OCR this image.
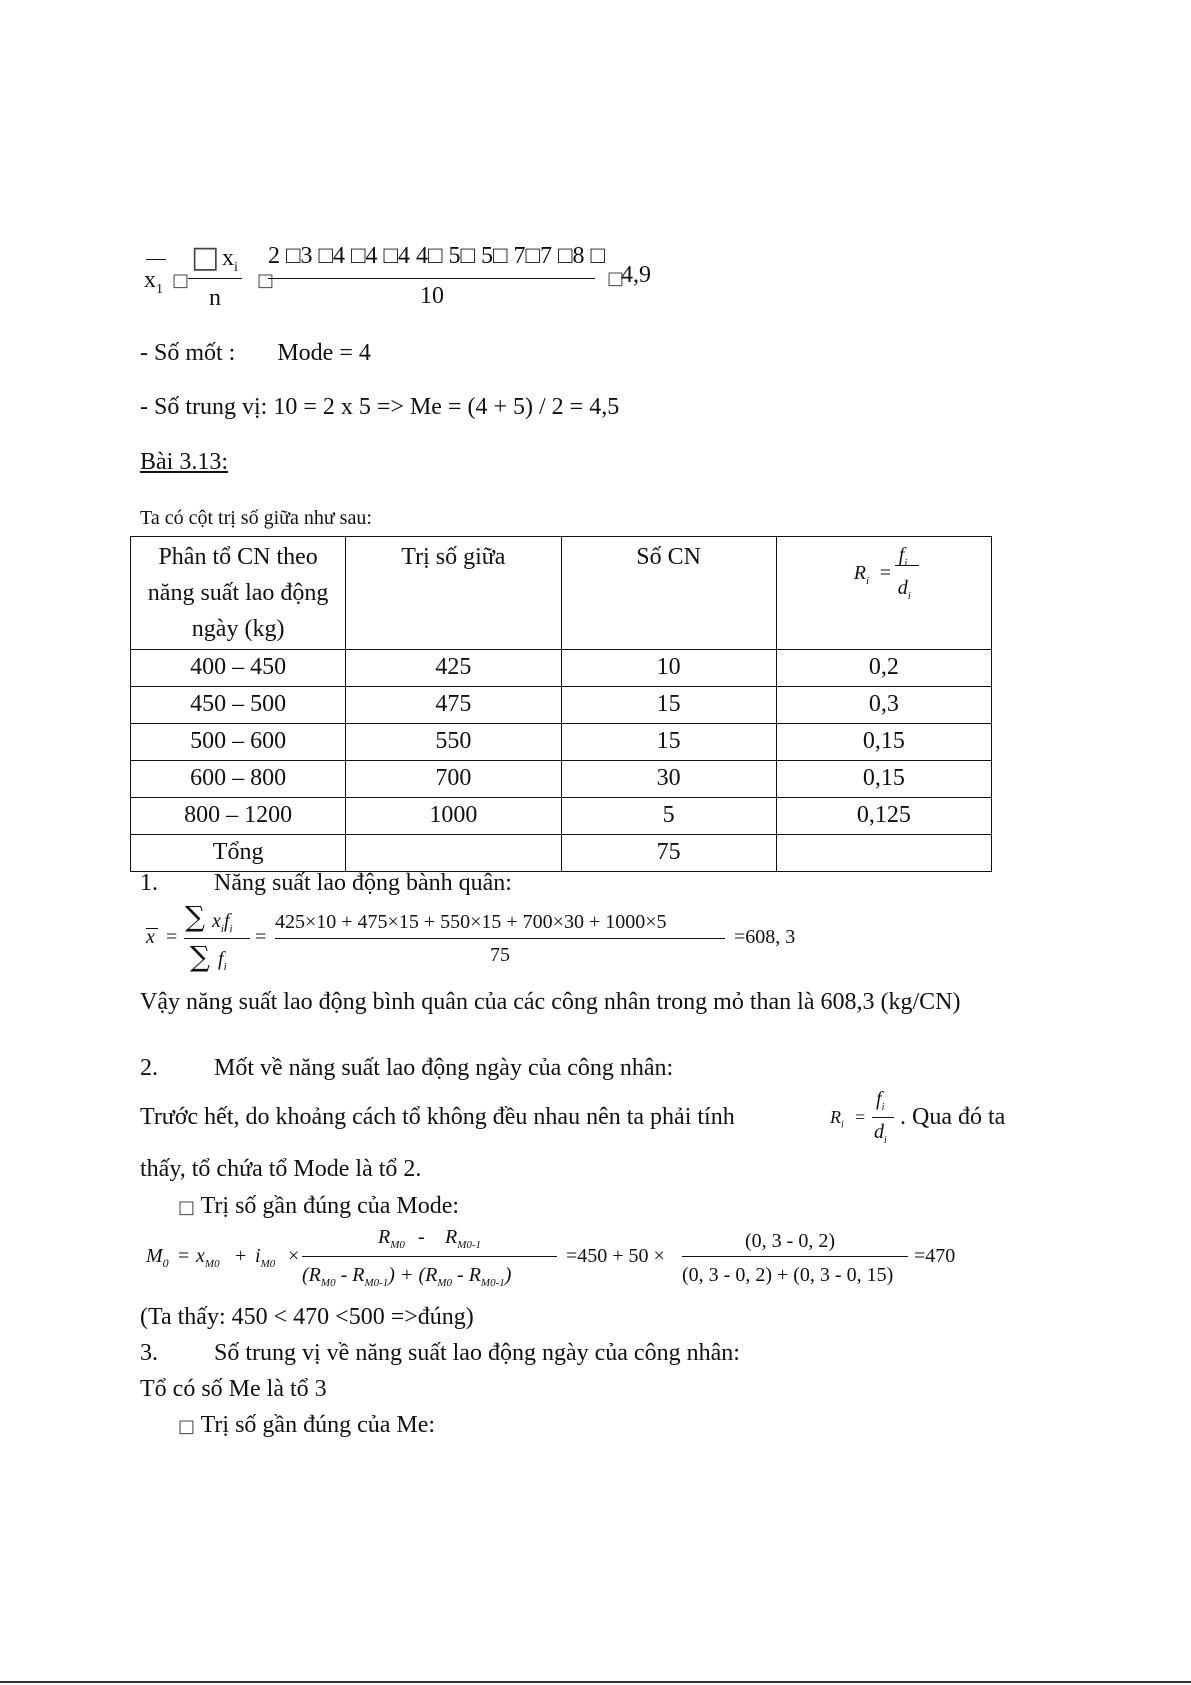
$x_1$ □
□ $x_i$
n
□
2 □3 □4 □4 □4 4□ 5□ 5□ 7□7 □8 □
10
□
4,9
- Số mốt : Mode = 4
- Số trung vị: 10 = 2 x 5 => Me = (4 + 5) / 2 = 4,5
Bài 3.13:
Ta có cột trị số giữa như sau:
Phân tổ CN theo năng suất lao động ngày (kg)	Trị số giữa	Số CN	$R_i$ =
$f_i$
$d_i$

400 – 450	425	10	0,2
450 – 500	475	15	0,3
500 – 600	550	15	0,15
600 – 800	700	30	0,15
800 – 1200	1000	5	0,125
Tổng		75	
1. Năng suất lao động bành quân:
x =
∑ $x_if_i$
∑ $f_i$
=
425×10 + 475×15 + 550×15 + 700×30 + 1000×5
75
=608, 3
Vậy năng suất lao động bình quân của các công nhân trong mỏ than là 608,3 (kg/CN)
2. Mốt về năng suất lao động ngày của công nhân:
Trước hết, do khoảng cách tổ không đều nhau nên ta phải tính	$R_i$ =
$f_i$
$d_i$
. Qua đó ta
thấy, tổ chứa tổ Mode là tổ 2.
□ Trị số gần đúng của Mode:
$M_0 = x_{M0} + i_{M0}$ ×
$R_{M0} - R_{M0-1}$
$(R_{M0} - R_{M0-1}) + (R_{M0} - R_{M0-1})$
=450 + 50 ×
(0, 3 - 0, 2)
(0, 3 - 0, 2) + (0, 3 - 0, 15)
=470
(Ta thấy: 450 < 470 <500 =>đúng)
3. Số trung vị về năng suất lao động ngày của công nhân:
Tổ có số Me là tổ 3
□ Trị số gần đúng của Me:
